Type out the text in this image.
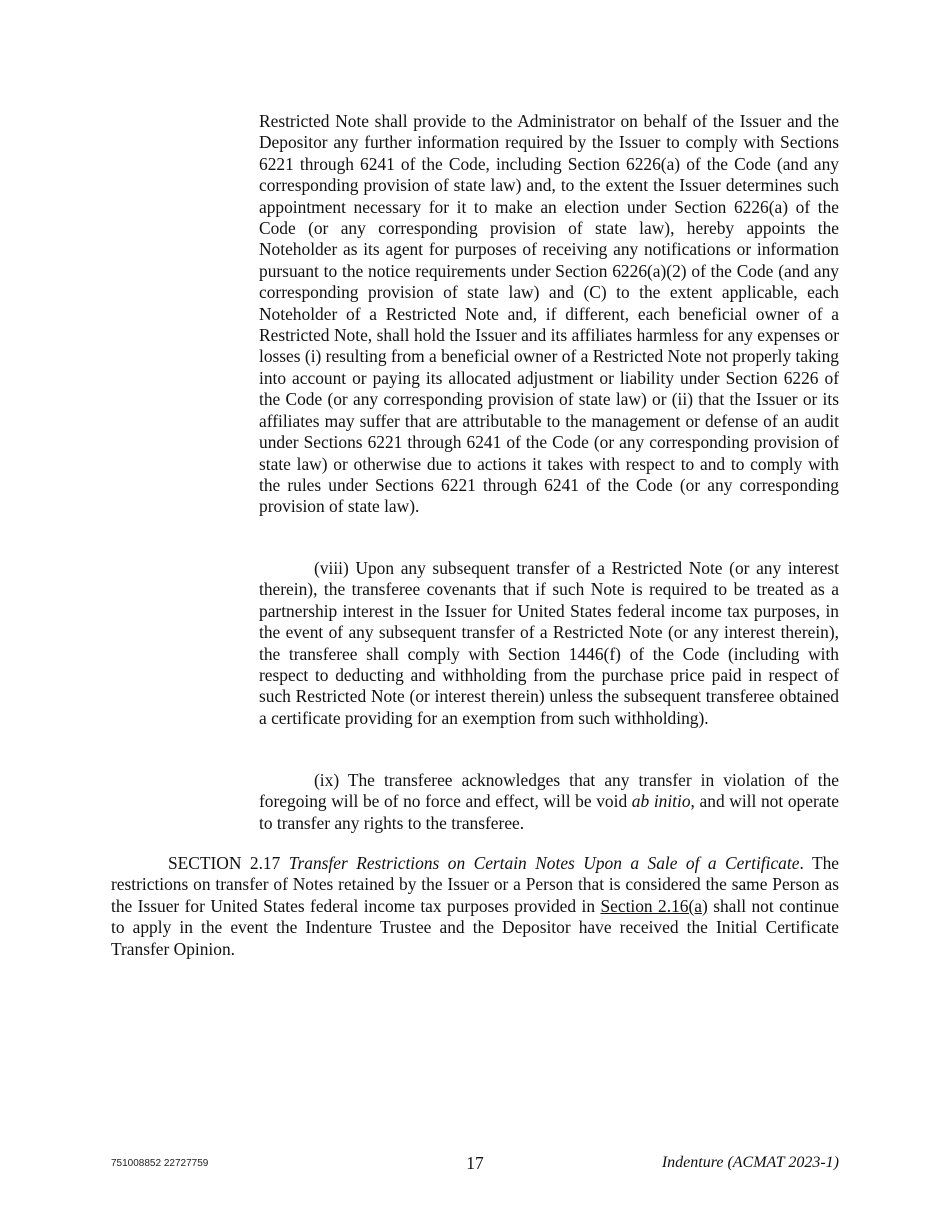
Restricted Note shall provide to the Administrator on behalf of the Issuer and the Depositor any further information required by the Issuer to comply with Sections 6221 through 6241 of the Code, including Section 6226(a) of the Code (and any corresponding provision of state law) and, to the extent the Issuer determines such appointment necessary for it to make an election under Section 6226(a) of the Code (or any corresponding provision of state law), hereby appoints the Noteholder as its agent for purposes of receiving any notifications or information pursuant to the notice requirements under Section 6226(a)(2) of the Code (and any corresponding provision of state law) and (C) to the extent applicable, each Noteholder of a Restricted Note and, if different, each beneficial owner of a Restricted Note, shall hold the Issuer and its affiliates harmless for any expenses or losses (i) resulting from a beneficial owner of a Restricted Note not properly taking into account or paying its allocated adjustment or liability under Section 6226 of the Code (or any corresponding provision of state law) or (ii) that the Issuer or its affiliates may suffer that are attributable to the management or defense of an audit under Sections 6221 through 6241 of the Code (or any corresponding provision of state law) or otherwise due to actions it takes with respect to and to comply with the rules under Sections 6221 through 6241 of the Code (or any corresponding provision of state law).

(viii) Upon any subsequent transfer of a Restricted Note (or any interest therein), the transferee covenants that if such Note is required to be treated as a partnership interest in the Issuer for United States federal income tax purposes, in the event of any subsequent transfer of a Restricted Note (or any interest therein), the transferee shall comply with Section 1446(f) of the Code (including with respect to deducting and withholding from the purchase price paid in respect of such Restricted Note (or interest therein) unless the subsequent transferee obtained a certificate providing for an exemption from such withholding).

(ix) The transferee acknowledges that any transfer in violation of the foregoing will be of no force and effect, will be void ab initio, and will not operate to transfer any rights to the transferee.

SECTION 2.17 Transfer Restrictions on Certain Notes Upon a Sale of a Certificate. The restrictions on transfer of Notes retained by the Issuer or a Person that is considered the same Person as the Issuer for United States federal income tax purposes provided in Section 2.16(a) shall not continue to apply in the event the Indenture Trustee and the Depositor have received the Initial Certificate Transfer Opinion.

751008852 22727759	17	Indenture (ACMAT 2023-1)
